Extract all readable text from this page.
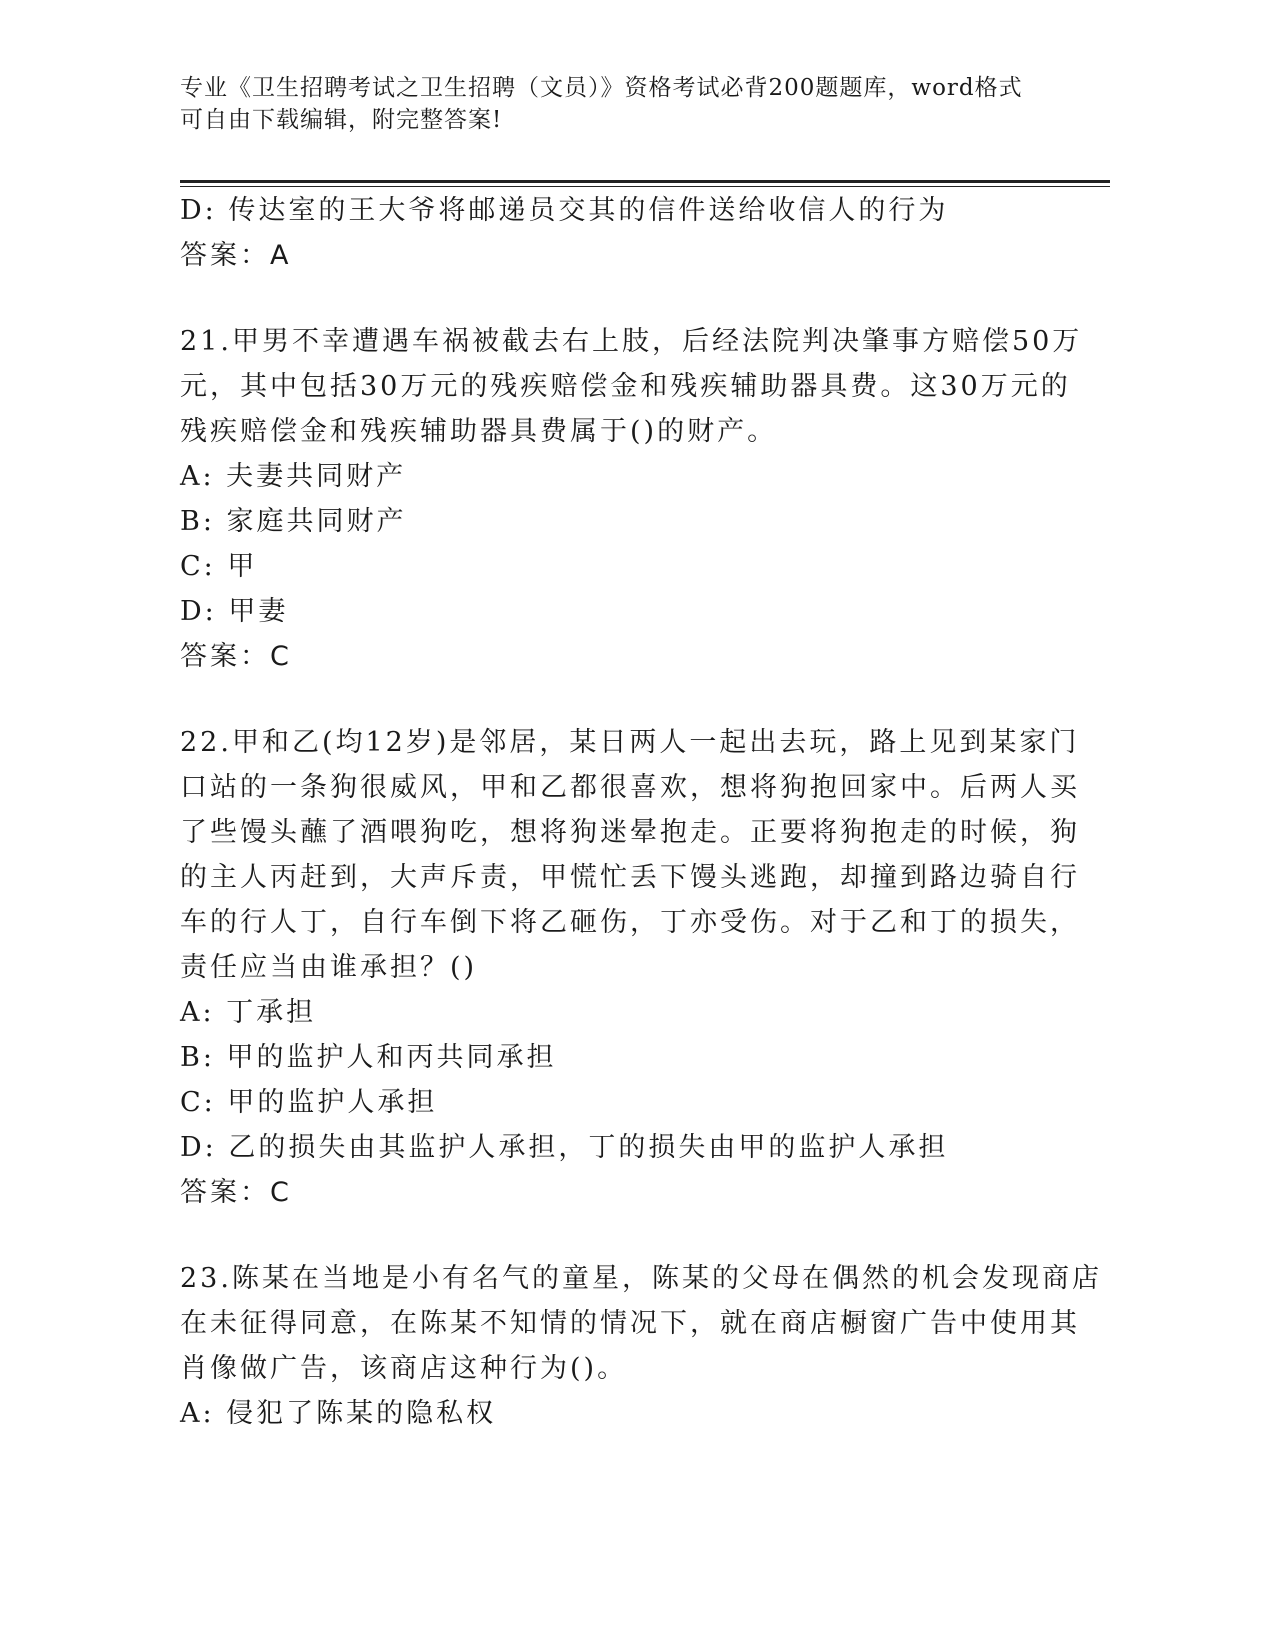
专业《卫生招聘考试之卫生招聘（文员）》资格考试必背200题题库，word格式
可自由下载编辑，附完整答案!
D: 传达室的王大爷将邮递员交其的信件送给收信人的行为
答案：A
21.甲男不幸遭遇车祸被截去右上肢，后经法院判决肇事方赔偿50万
元，其中包括30万元的残疾赔偿金和残疾辅助器具费。这30万元的
残疾赔偿金和残疾辅助器具费属于()的财产。
A: 夫妻共同财产
B: 家庭共同财产
C: 甲
D: 甲妻
答案：C
22.甲和乙(均12岁)是邻居，某日两人一起出去玩，路上见到某家门
口站的一条狗很威风，甲和乙都很喜欢，想将狗抱回家中。后两人买
了些馒头蘸了酒喂狗吃，想将狗迷晕抱走。正要将狗抱走的时候，狗
的主人丙赶到，大声斥责，甲慌忙丢下馒头逃跑，却撞到路边骑自行
车的行人丁，自行车倒下将乙砸伤，丁亦受伤。对于乙和丁的损失，
责任应当由谁承担？()
A: 丁承担
B: 甲的监护人和丙共同承担
C: 甲的监护人承担
D: 乙的损失由其监护人承担，丁的损失由甲的监护人承担
答案：C
23.陈某在当地是小有名气的童星，陈某的父母在偶然的机会发现商店
在未征得同意，在陈某不知情的情况下，就在商店橱窗广告中使用其
肖像做广告，该商店这种行为()。
A: 侵犯了陈某的隐私权
